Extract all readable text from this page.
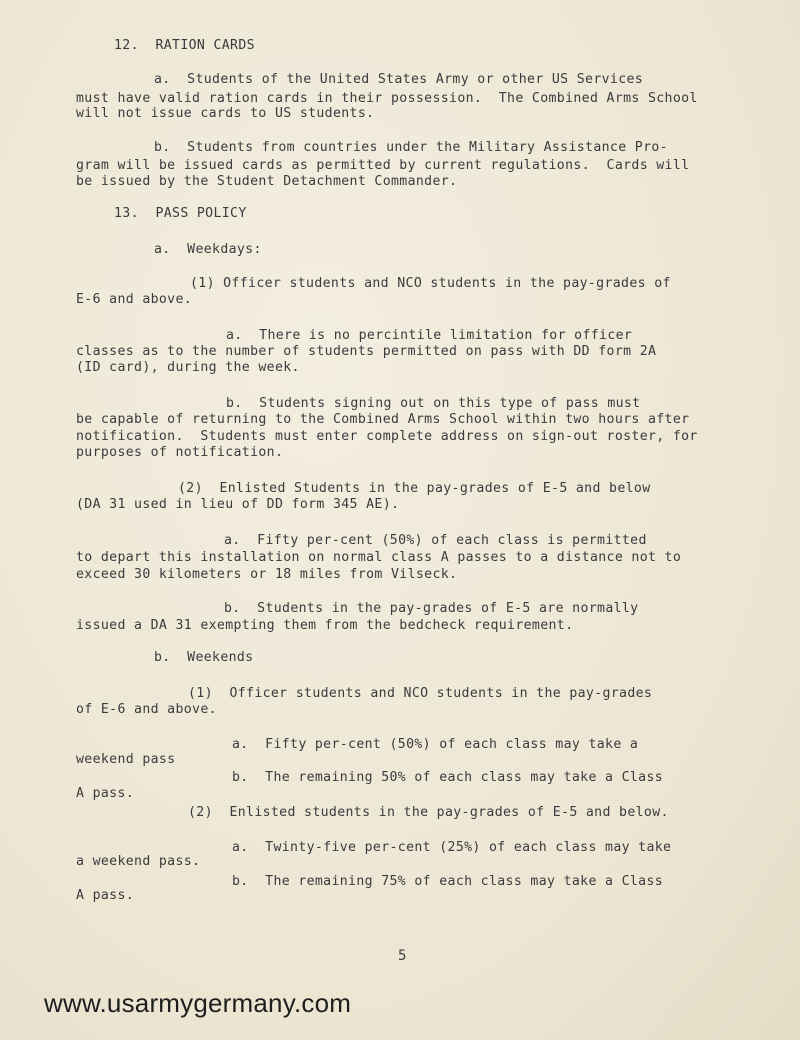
12.  RATION CARDS
a.  Students of the United States Army or other US Services
must have valid ration cards in their possession.  The Combined Arms School
will not issue cards to US students.
b.  Students from countries under the Military Assistance Pro-
gram will be issued cards as permitted by current regulations.  Cards will
be issued by the Student Detachment Commander.
13.  PASS POLICY
a.  Weekdays:
(1) Officer students and NCO students in the pay-grades of
E-6 and above.
a.  There is no percintile limitation for officer
classes as to the number of students permitted on pass with DD form 2A
(ID card), during the week.
b.  Students signing out on this type of pass must
be capable of returning to the Combined Arms School within two hours after
notification.  Students must enter complete address on sign-out roster, for
purposes of notification.
(2)  Enlisted Students in the pay-grades of E-5 and below
(DA 31 used in lieu of DD form 345 AE).
a.  Fifty per-cent (50%) of each class is permitted
to depart this installation on normal class A passes to a distance not to
exceed 30 kilometers or 18 miles from Vilseck.
b.  Students in the pay-grades of E-5 are normally
issued a DA 31 exempting them from the bedcheck requirement.
b.  Weekends
(1)  Officer students and NCO students in the pay-grades
of E-6 and above.
a.  Fifty per-cent (50%) of each class may take a
weekend pass
b.  The remaining 50% of each class may take a Class
A pass.
(2)  Enlisted students in the pay-grades of E-5 and below.
a.  Twinty-five per-cent (25%) of each class may take
a weekend pass.
b.  The remaining 75% of each class may take a Class
A pass.
5
www.usarmygermany.com
